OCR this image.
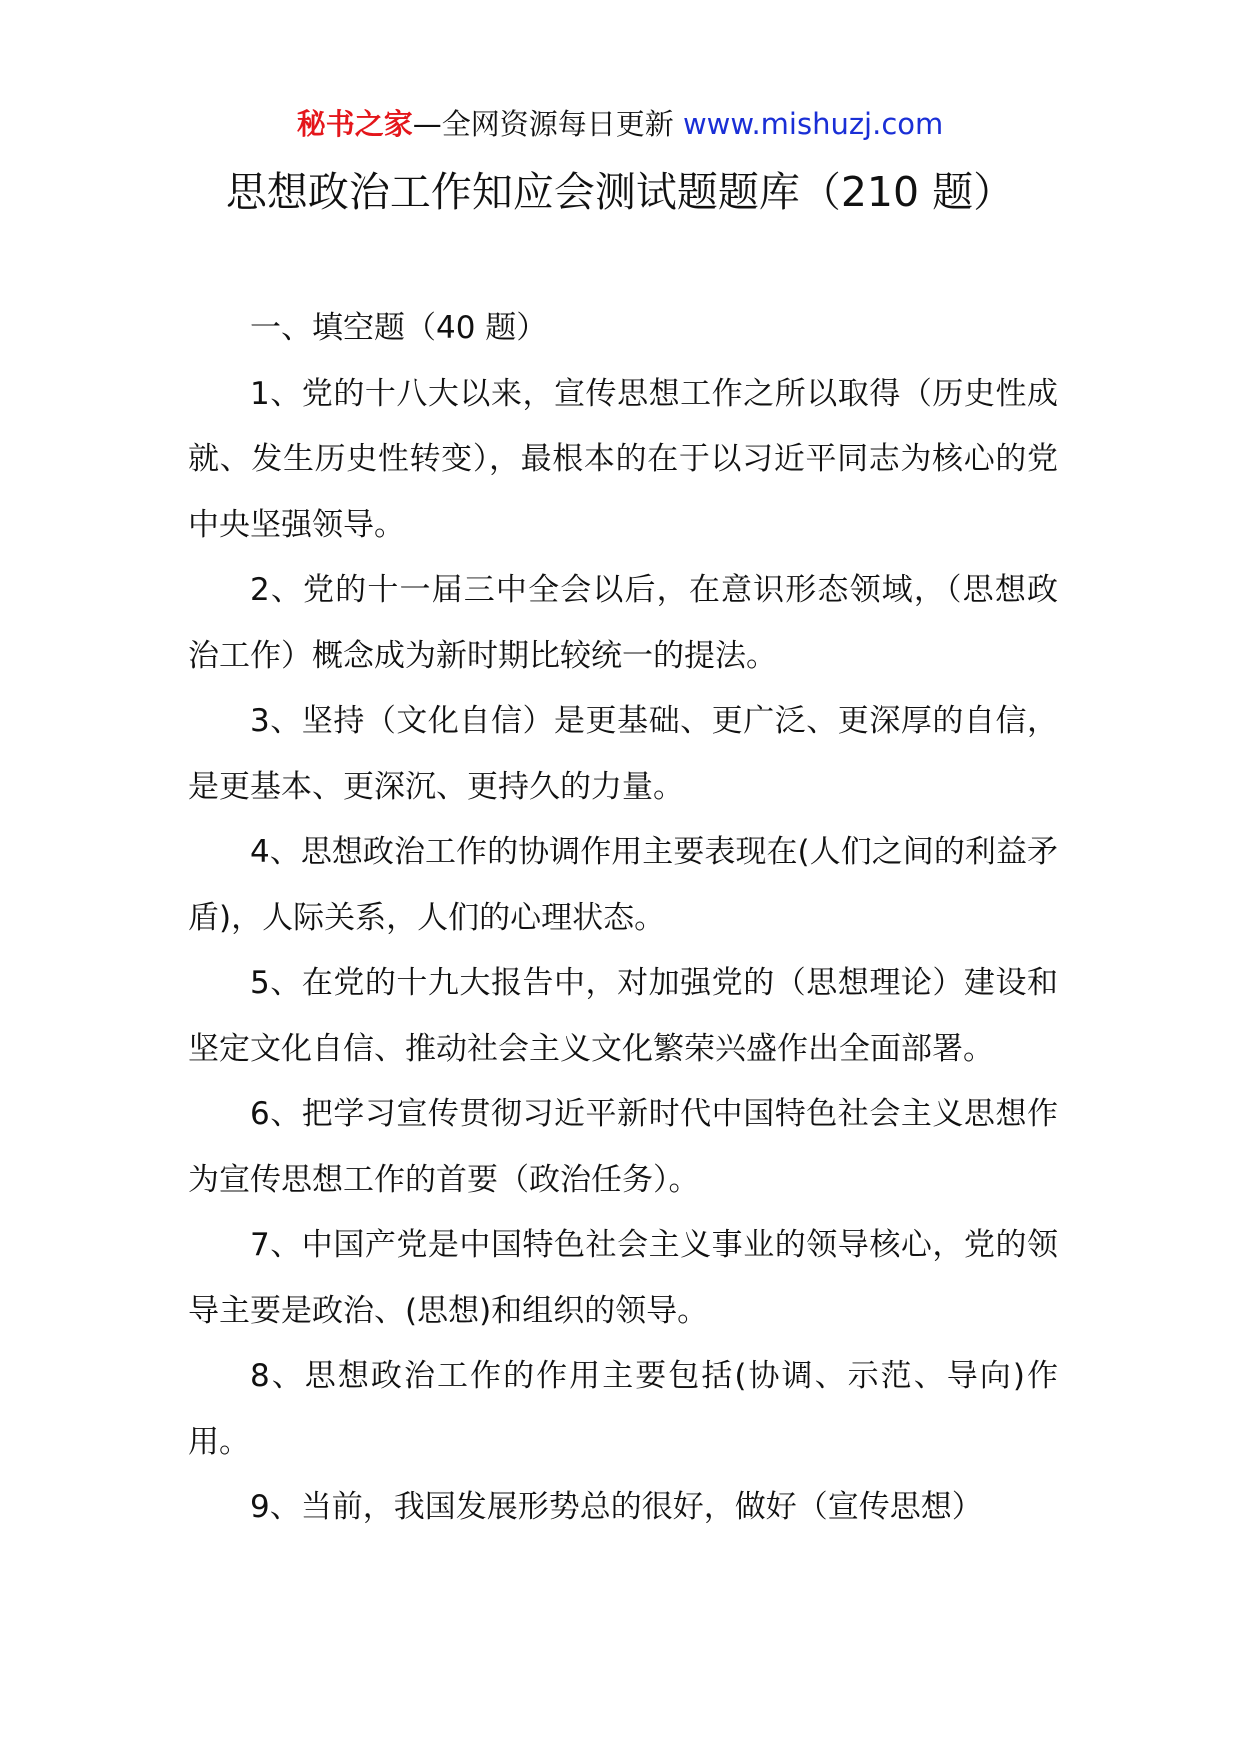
秘书之家—全网资源每日更新 www.mishuzj.com
思想政治工作知应会测试题题库（210 题）

一、填空题（40 题）

1、党的十八大以来，宣传思想工作之所以取得（历史性成就、发生历史性转变），最根本的在于以习近平同志为核心的党中央坚强领导。

2、党的十一届三中全会以后，在意识形态领域，（思想政治工作）概念成为新时期比较统一的提法。

3、坚持（文化自信）是更基础、更广泛、更深厚的自信，是更基本、更深沉、更持久的力量。

4、思想政治工作的协调作用主要表现在(人们之间的利益矛盾)，人际关系，人们的心理状态。

5、在党的十九大报告中，对加强党的（思想理论）建设和坚定文化自信、推动社会主义文化繁荣兴盛作出全面部署。

6、把学习宣传贯彻习近平新时代中国特色社会主义思想作为宣传思想工作的首要（政治任务）。

7、中国产党是中国特色社会主义事业的领导核心，党的领导主要是政治、(思想)和组织的领导。

8、思想政治工作的作用主要包括(协调、示范、导向)作用。

9、当前，我国发展形势总的很好，做好（宣传思想）
